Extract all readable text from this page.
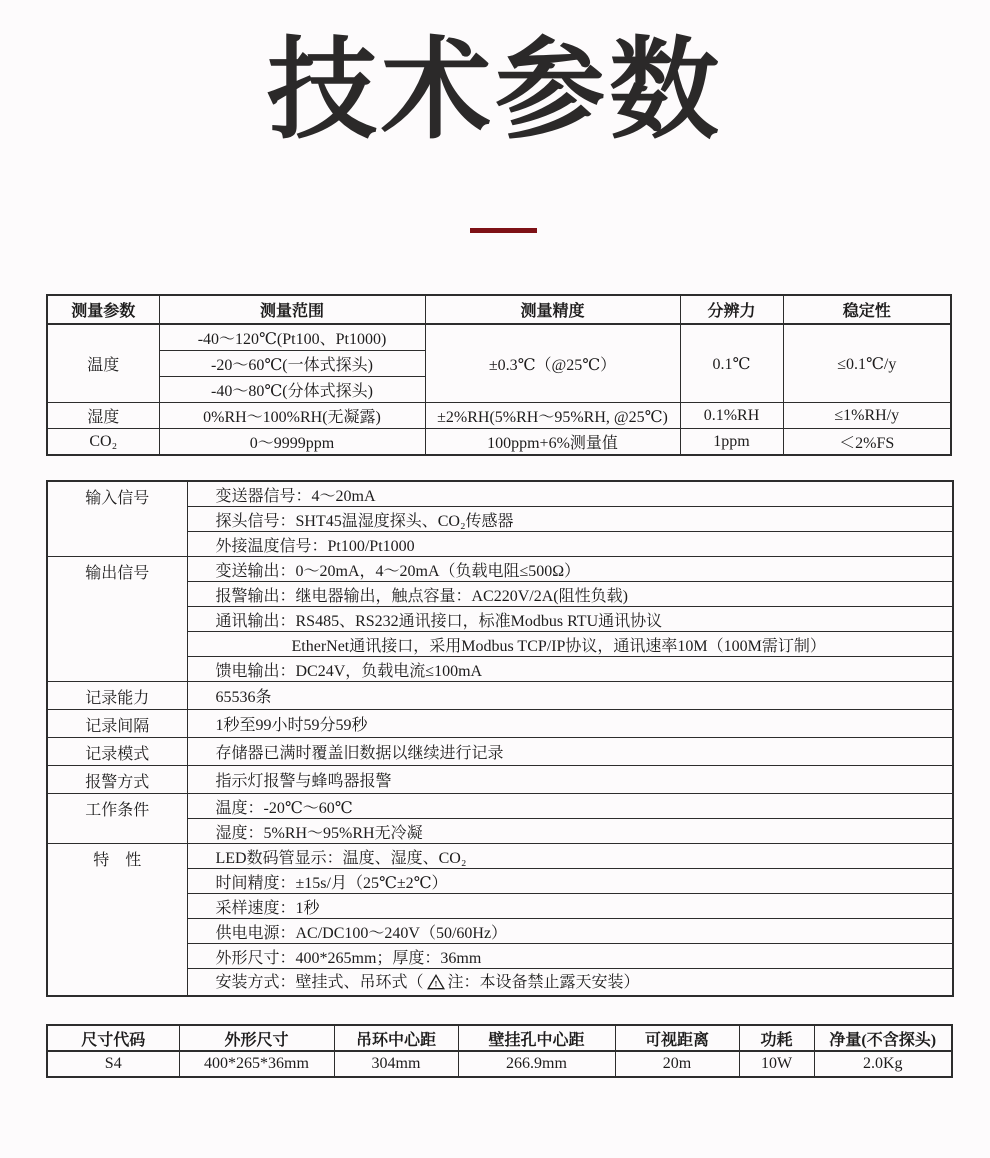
技术参数
测量参数	测量范围	测量精度	分辨力	稳定性
温度	-40～120℃(Pt100、Pt1000)	±0.3℃（@25℃）	0.1℃	≤0.1℃/y
	-20～60℃(一体式探头)			
	-40～80℃(分体式探头)			
湿度	0%RH～100%RH(无凝露)	±2%RH(5%RH～95%RH, @25℃)	0.1%RH	≤1%RH/y
CO₂	0～9999ppm	100ppm+6%测量值	1ppm	＜2%FS
输入信号	变送器信号：4～20mA
	探头信号：SHT45温湿度探头、CO₂传感器
	外接温度信号：Pt100/Pt1000
输出信号	变送输出：0～20mA，4～20mA（负载电阻≤500Ω）
	报警输出：继电器输出，触点容量：AC220V/2A(阻性负载)
	通讯输出：RS485、RS232通讯接口，标准Modbus RTU通讯协议
	EtherNet通讯接口，采用Modbus TCP/IP协议，通讯速率10M（100M需订制）
	馈电输出：DC24V，负载电流≤100mA
记录能力	65536条
记录间隔	1秒至99小时59分59秒
记录模式	存储器已满时覆盖旧数据以继续进行记录
报警方式	指示灯报警与蜂鸣器报警
工作条件	温度：-20℃～60℃
	湿度：5%RH～95%RH无冷凝
特　性	LED数码管显示：温度、湿度、CO₂
	时间精度：±15s/月（25℃±2℃）
	采样速度：1秒
	供电电源：AC/DC100～240V（50/60Hz）
	外形尺寸：400*265mm；厚度：36mm
	安装方式：壁挂式、吊环式（ ! 注：本设备禁止露天安装）
尺寸代码	外形尺寸	吊环中心距	壁挂孔中心距	可视距离	功耗	净量(不含探头)
S4	400*265*36mm	304mm	266.9mm	20m	10W	2.0Kg
